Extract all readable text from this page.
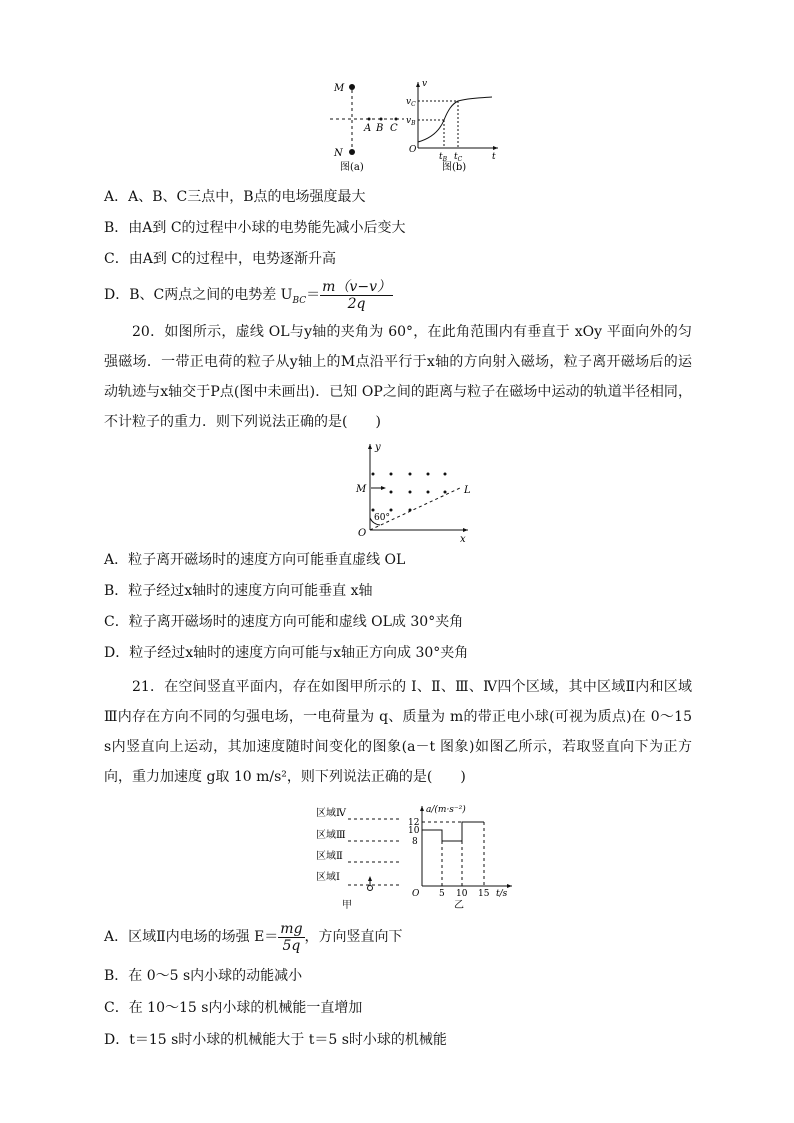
M
N
A B C
图(a)
v
$v_C$
$v_B$
O
$t_B$ $t_C$	t
图(b)
A．A、B、C三点中，B点的电场强度最大
B．由A到 C的过程中小球的电势能先减小后变大
C．由A到 C的过程中，电势逐渐升高
D．B、C两点之间的电势差 $U_{BC}= \frac{m(v-v)}{2q}$
20．如图所示，虚线 OL与y轴的夹角为 60°，在此角范围内有垂直于 xOy 平面向外的匀强磁场．一带正电荷的粒子从y轴上的M点沿平行于x轴的方向射入磁场，粒子离开磁场后的运动轨迹与x轴交于P点(图中未画出)．已知 OP之间的距离与粒子在磁场中运动的轨道半径相同，不计粒子的重力．则下列说法正确的是(　　)
y
M	L
60°
O
x
A．粒子离开磁场时的速度方向可能垂直虚线 OL
B．粒子经过x轴时的速度方向可能垂直 x轴
C．粒子离开磁场时的速度方向可能和虚线 OL成 30°夹角
D．粒子经过x轴时的速度方向可能与x轴正方向成 30°夹角
21．在空间竖直平面内，存在如图甲所示的 Ⅰ、Ⅱ、Ⅲ、Ⅳ四个区域，其中区域Ⅱ内和区域Ⅲ内存在方向不同的匀强电场，一电荷量为 q、质量为 m的带正电小球(可视为质点)在 0～15 s内竖直向上运动，其加速度随时间变化的图象(a－t 图象)如图乙所示，若取竖直向下为正方向，重力加速度 g取 10 m/s²，则下列说法正确的是(　　)
区域Ⅳ
区域Ⅲ
区域Ⅱ
区域Ⅰ
甲
a/(m·s⁻²)
12
10
8
O 5 10 15 t/s
乙
A．区域Ⅱ内电场的场强 $E= \frac{mg}{5q}$ ，方向竖直向下
B．在 0～5 s内小球的动能减小
C．在 10～15 s内小球的机械能一直增加
D．t＝15 s时小球的机械能大于 t＝5 s时小球的机械能
